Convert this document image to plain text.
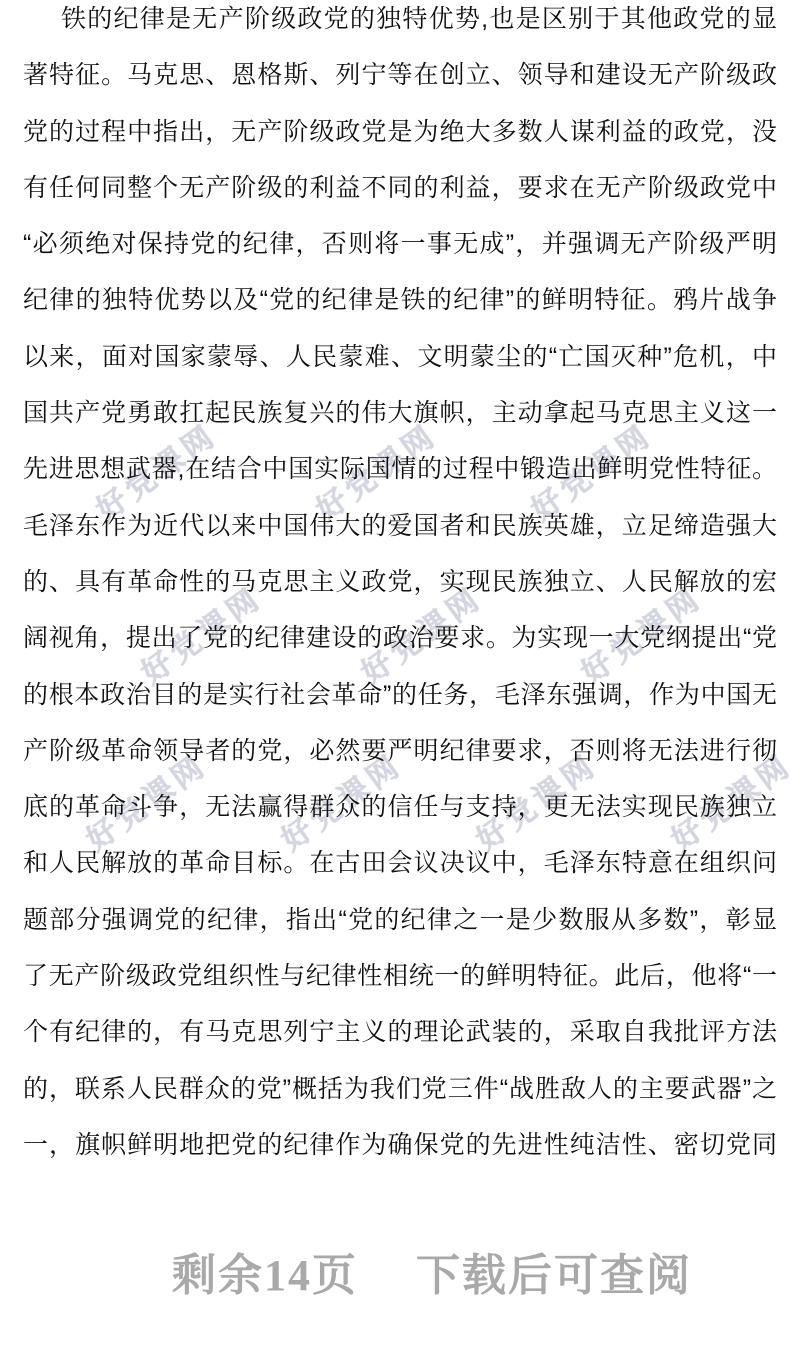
好党课网	好党课网	好党课网
好党课网	好党课网	好党课网
好党课网 好党课网 好党课网 好党课网
铁的纪律是无产阶级政党的独特优势,也是区别于其他政党的显
著特征。马克思、恩格斯、列宁等在创立、领导和建设无产阶级政
党的过程中指出，无产阶级政党是为绝大多数人谋利益的政党，没
有任何同整个无产阶级的利益不同的利益，要求在无产阶级政党中
“必须绝对保持党的纪律，否则将一事无成”，并强调无产阶级严明
纪律的独特优势以及“党的纪律是铁的纪律”的鲜明特征。鸦片战争
以来，面对国家蒙辱、人民蒙难、文明蒙尘的“亡国灭种”危机，中
国共产党勇敢扛起民族复兴的伟大旗帜，主动拿起马克思主义这一
先进思想武器,在结合中国实际国情的过程中锻造出鲜明党性特征。
毛泽东作为近代以来中国伟大的爱国者和民族英雄，立足缔造强大
的、具有革命性的马克思主义政党，实现民族独立、人民解放的宏
阔视角，提出了党的纪律建设的政治要求。为实现一大党纲提出“党
的根本政治目的是实行社会革命”的任务，毛泽东强调，作为中国无
产阶级革命领导者的党，必然要严明纪律要求，否则将无法进行彻
底的革命斗争，无法赢得群众的信任与支持，更无法实现民族独立
和人民解放的革命目标。在古田会议决议中，毛泽东特意在组织问
题部分强调党的纪律，指出“党的纪律之一是少数服从多数”，彰显
了无产阶级政党组织性与纪律性相统一的鲜明特征。此后，他将“一
个有纪律的，有马克思列宁主义的理论武装的，采取自我批评方法
的，联系人民群众的党”概括为我们党三件“战胜敌人的主要武器”之
一，旗帜鲜明地把党的纪律作为确保党的先进性纯洁性、密切党同
剩余14页 下载后可查阅
